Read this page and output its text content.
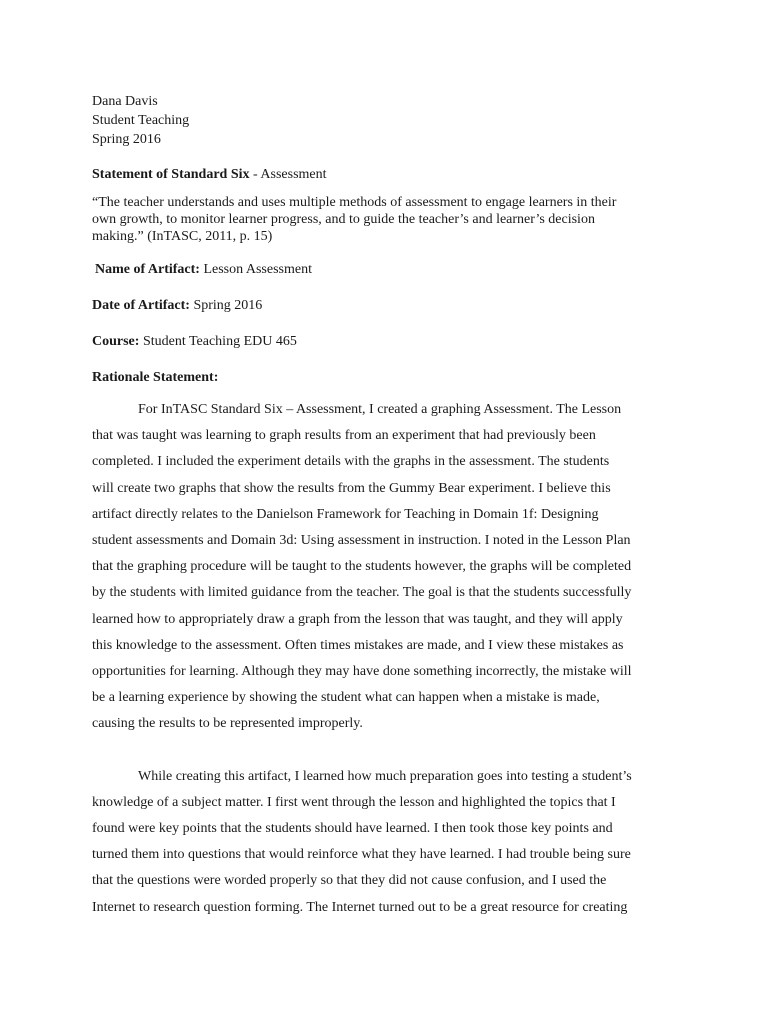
Dana Davis
Student Teaching
Spring 2016
Statement of Standard Six - Assessment
“The teacher understands and uses multiple methods of assessment to engage learners in their
own growth, to monitor learner progress, and to guide the teacher’s and learner’s decision
making.” (InTASC, 2011, p. 15)
Name of Artifact: Lesson Assessment
Date of Artifact: Spring 2016
Course: Student Teaching EDU 465
Rationale Statement:
For InTASC Standard Six – Assessment, I created a graphing Assessment. The Lesson
that was taught was learning to graph results from an experiment that had previously been
completed. I included the experiment details with the graphs in the assessment. The students
will create two graphs that show the results from the Gummy Bear experiment. I believe this
artifact directly relates to the Danielson Framework for Teaching in Domain 1f: Designing
student assessments and Domain 3d: Using assessment in instruction. I noted in the Lesson Plan
that the graphing procedure will be taught to the students however, the graphs will be completed
by the students with limited guidance from the teacher. The goal is that the students successfully
learned how to appropriately draw a graph from the lesson that was taught, and they will apply
this knowledge to the assessment. Often times mistakes are made, and I view these mistakes as
opportunities for learning. Although they may have done something incorrectly, the mistake will
be a learning experience by showing the student what can happen when a mistake is made,
causing the results to be represented improperly.
While creating this artifact, I learned how much preparation goes into testing a student’s
knowledge of a subject matter. I first went through the lesson and highlighted the topics that I
found were key points that the students should have learned. I then took those key points and
turned them into questions that would reinforce what they have learned. I had trouble being sure
that the questions were worded properly so that they did not cause confusion, and I used the
Internet to research question forming. The Internet turned out to be a great resource for creating
